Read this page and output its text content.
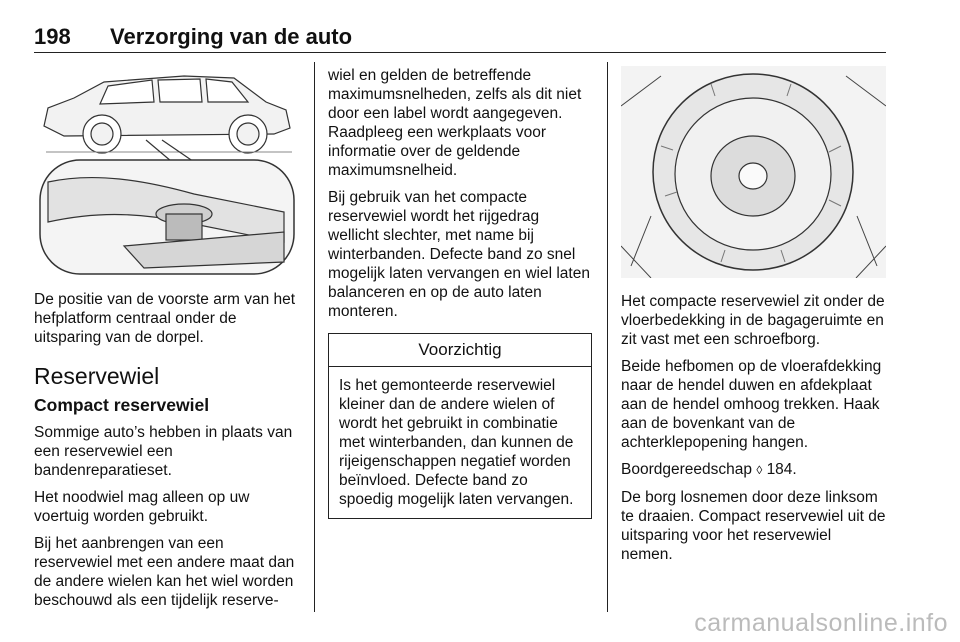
198 Verzorging van de auto

De positie van de voorste arm van het hefplatform centraal onder de uitsparing van de dorpel.

Reservewiel
Compact reservewiel

Sommige auto’s hebben in plaats van een reservewiel een bandenreparatieset.

Het noodwiel mag alleen op uw voertuig worden gebruikt.

Bij het aanbrengen van een reservewiel met een andere maat dan de andere wielen kan het wiel worden beschouwd als een tijdelijk reserve-

wiel en gelden de betreffende maximumsnelheden, zelfs als dit niet door een label wordt aangegeven. Raadpleeg een werkplaats voor informatie over de geldende maximumsnelheid.

Bij gebruik van het compacte reservewiel wordt het rijgedrag wellicht slechter, met name bij winterbanden. Defecte band zo snel mogelijk laten vervangen en wiel laten balanceren en op de auto laten monteren.

Voorzichtig
Is het gemonteerde reservewiel kleiner dan de andere wielen of wordt het gebruikt in combinatie met winterbanden, dan kunnen de rijeigenschappen negatief worden beïnvloed. Defecte band zo spoedig mogelijk laten vervangen.

Het compacte reservewiel zit onder de vloerbedekking in de bagageruimte en zit vast met een schroefborg.

Beide hefbomen op de vloerafdekking naar de hendel duwen en afdekplaat aan de hendel omhoog trekken. Haak aan de bovenkant van de achterklepopening hangen.

Boordgereedschap ◊ 184.

De borg losnemen door deze linksom te draaien. Compact reservewiel uit de uitsparing voor het reservewiel nemen.

carmanualsonline.info
